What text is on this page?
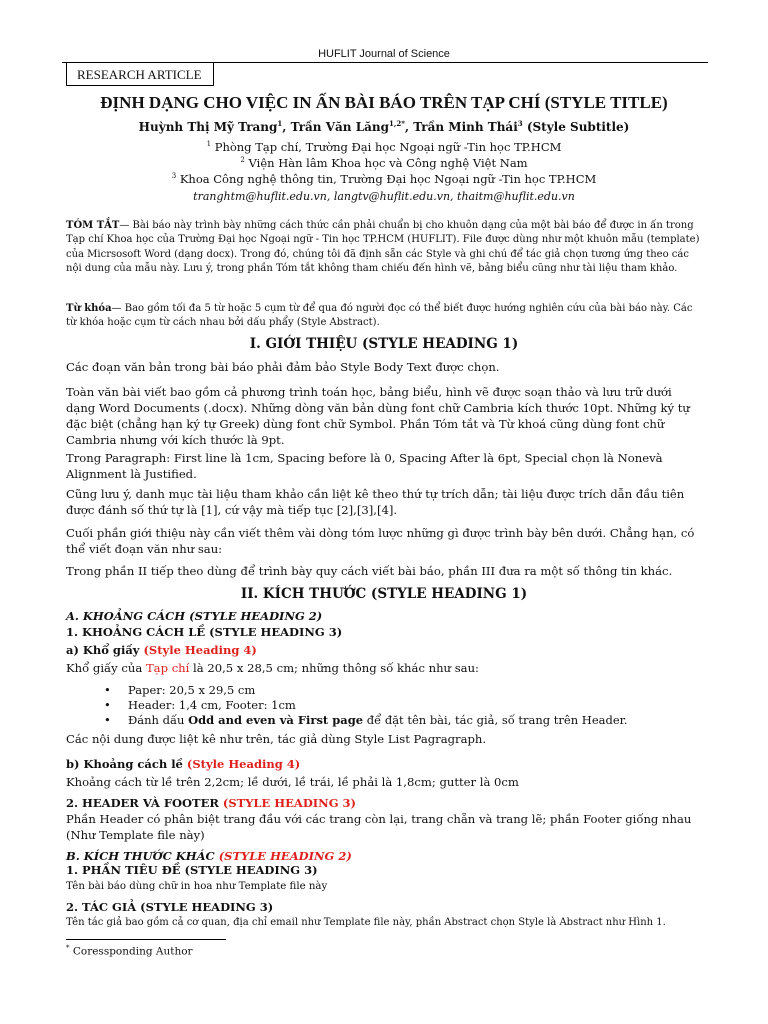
HUFLIT Journal of Science
RESEARCH ARTICLE
ĐỊNH DẠNG CHO VIỆC IN ẤN BÀI BÁO TRÊN TẠP CHÍ (STYLE TITLE)
Huỳnh Thị Mỹ Trang$^1$, Trần Văn Lăng$^{1,2*}$, Trần Minh Thái$^3$ (Style Subtitle)
$^1$ Phòng Tạp chí, Trường Đại học Ngoại ngữ -Tin học TP.HCM
$^2$ Viện Hàn lâm Khoa học và Công nghệ Việt Nam
$^3$ Khoa Công nghệ thông tin, Trường Đại học Ngoại ngữ -Tin học TP.HCM
tranghtm@huflit.edu.vn, langtv@huflit.edu.vn, thaitm@huflit.edu.vn
TÓM TẮT— Bài báo này trình bày những cách thức cần phải chuẩn bị cho khuôn dạng của một bài báo để được in ấn trong Tạp chí Khoa học của Trường Đại học Ngoại ngữ - Tin học TP.HCM (HUFLIT). File được dùng như một khuôn mẫu (template) của Micrsosoft Word (dạng docx). Trong đó, chúng tôi đã định sẵn các Style và ghi chú để tác giả chọn tương ứng theo các nội dung của mẫu này. Lưu ý, trong phần Tóm tắt không tham chiếu đến hình vẽ, bảng biểu cũng như tài liệu tham khảo.
Từ khóa— Bao gồm tối đa 5 từ hoặc 5 cụm từ để qua đó người đọc có thể biết được hướng nghiên cứu của bài báo này. Các từ khóa hoặc cụm từ cách nhau bởi dấu phẩy (Style Abstract).
I. GIỚI THIỆU (STYLE HEADING 1)
Các đoạn văn bản trong bài báo phải đảm bảo Style Body Text được chọn.
Toàn văn bài viết bao gồm cả phương trình toán học, bảng biểu, hình vẽ được soạn thảo và lưu trữ dưới dạng Word Documents (.docx). Những dòng văn bản dùng font chữ Cambria kích thước 10pt. Những ký tự đặc biệt (chẳng hạn ký tự Greek) dùng font chữ Symbol. Phần Tóm tắt và Từ khoá cũng dùng font chữ Cambria nhưng với kích thước là 9pt.
Trong Paragraph: First line là 1cm, Spacing before là 0, Spacing After là 6pt, Special chọn là Nonevà Alignment là Justified.
Cũng lưu ý, danh mục tài liệu tham khảo cần liệt kê theo thứ tự trích dẫn; tài liệu được trích dẫn đầu tiên được đánh số thứ tự là [1], cứ vậy mà tiếp tục [2],[3],[4].
Cuối phần giới thiệu này cần viết thêm vài dòng tóm lược những gì được trình bày bên dưới. Chẳng hạn, có thể viết đoạn văn như sau:
Trong phần II tiếp theo dùng để trình bày quy cách viết bài báo, phần III đưa ra một số thông tin khác.
II. KÍCH THƯỚC (STYLE HEADING 1)
A. KHOẢNG CÁCH (STYLE HEADING 2)
1. KHOẢNG CÁCH LỀ (STYLE HEADING 3)
a) Khổ giấy (Style Heading 4)
Khổ giấy của Tạp chí là 20,5 x 28,5 cm; những thông số khác như sau:
• Paper: 20,5 x 29,5 cm
• Header: 1,4 cm, Footer: 1cm
• Đánh dấu Odd and even và First page để đặt tên bài, tác giả, số trang trên Header.
Các nội dung được liệt kê như trên, tác giả dùng Style List Pagragraph.
b) Khoảng cách lề (Style Heading 4)
Khoảng cách từ lề trên 2,2cm; lề dưới, lề trái, lề phải là 1,8cm; gutter là 0cm
2. HEADER VÀ FOOTER (STYLE HEADING 3)
Phần Header có phân biệt trang đầu với các trang còn lại, trang chẵn và trang lẽ; phần Footer giống nhau (Như Template file này)
B. KÍCH THƯỚC KHÁC (STYLE HEADING 2)
1. PHẦN TIÊU ĐỀ (STYLE HEADING 3)
Tên bài báo dùng chữ in hoa như Template file này
2. TÁC GIẢ (STYLE HEADING 3)
Tên tác giả bao gồm cả cơ quan, địa chỉ email như Template file này, phần Abstract chọn Style là Abstract như Hình 1.
* Coressponding Author
